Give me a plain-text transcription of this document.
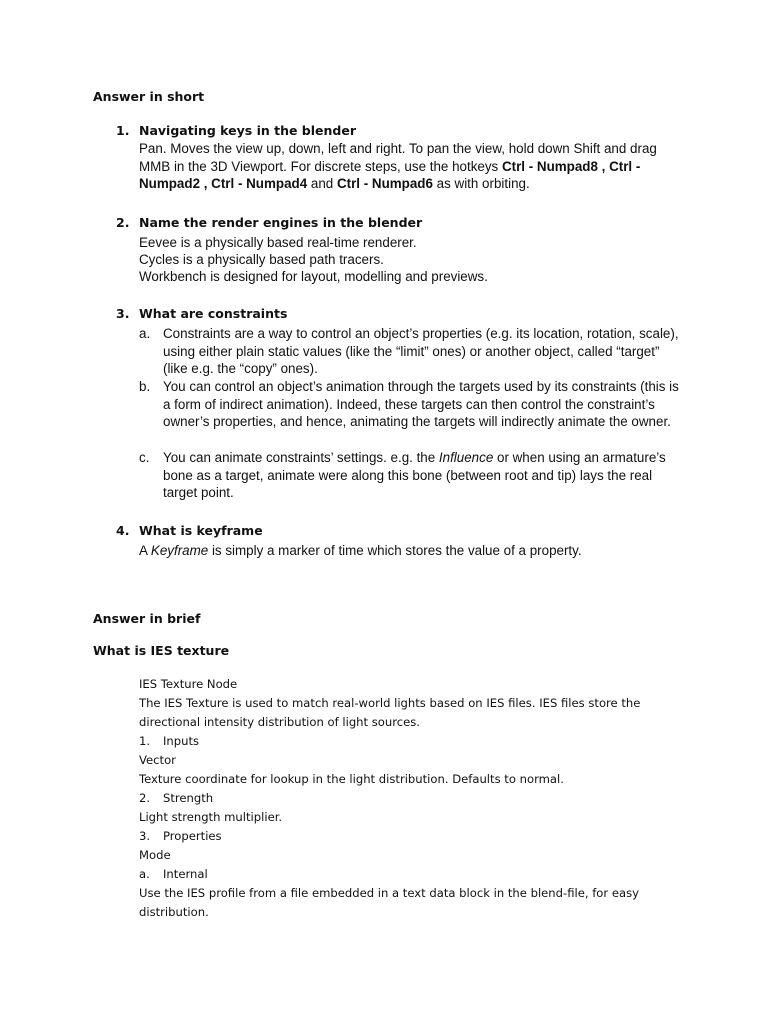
Answer in short
1. Navigating keys in the blender
Pan. Moves the view up, down, left and right. To pan the view, hold down Shift and drag MMB in the 3D Viewport. For discrete steps, use the hotkeys Ctrl - Numpad8 , Ctrl - Numpad2 , Ctrl - Numpad4 and Ctrl - Numpad6 as with orbiting.
2. Name the render engines in the blender
Eevee is a physically based real-time renderer.
Cycles is a physically based path tracers.
Workbench is designed for layout, modelling and previews.
3. What are constraints
a. Constraints are a way to control an object’s properties (e.g. its location, rotation, scale), using either plain static values (like the “limit” ones) or another object, called “target” (like e.g. the “copy” ones).
b. You can control an object’s animation through the targets used by its constraints (this is a form of indirect animation). Indeed, these targets can then control the constraint’s owner’s properties, and hence, animating the targets will indirectly animate the owner.
c. You can animate constraints’ settings. e.g. the Influence or when using an armature’s bone as a target, animate were along this bone (between root and tip) lays the real target point.
4. What is keyframe
A Keyframe is simply a marker of time which stores the value of a property.
Answer in brief
What is IES texture
IES Texture Node
The IES Texture is used to match real-world lights based on IES files. IES files store the
directional intensity distribution of light sources.
1. Inputs
Vector
Texture coordinate for lookup in the light distribution. Defaults to normal.
2. Strength
Light strength multiplier.
3. Properties
Mode
a. Internal
Use the IES profile from a file embedded in a text data block in the blend-file, for easy
distribution.
